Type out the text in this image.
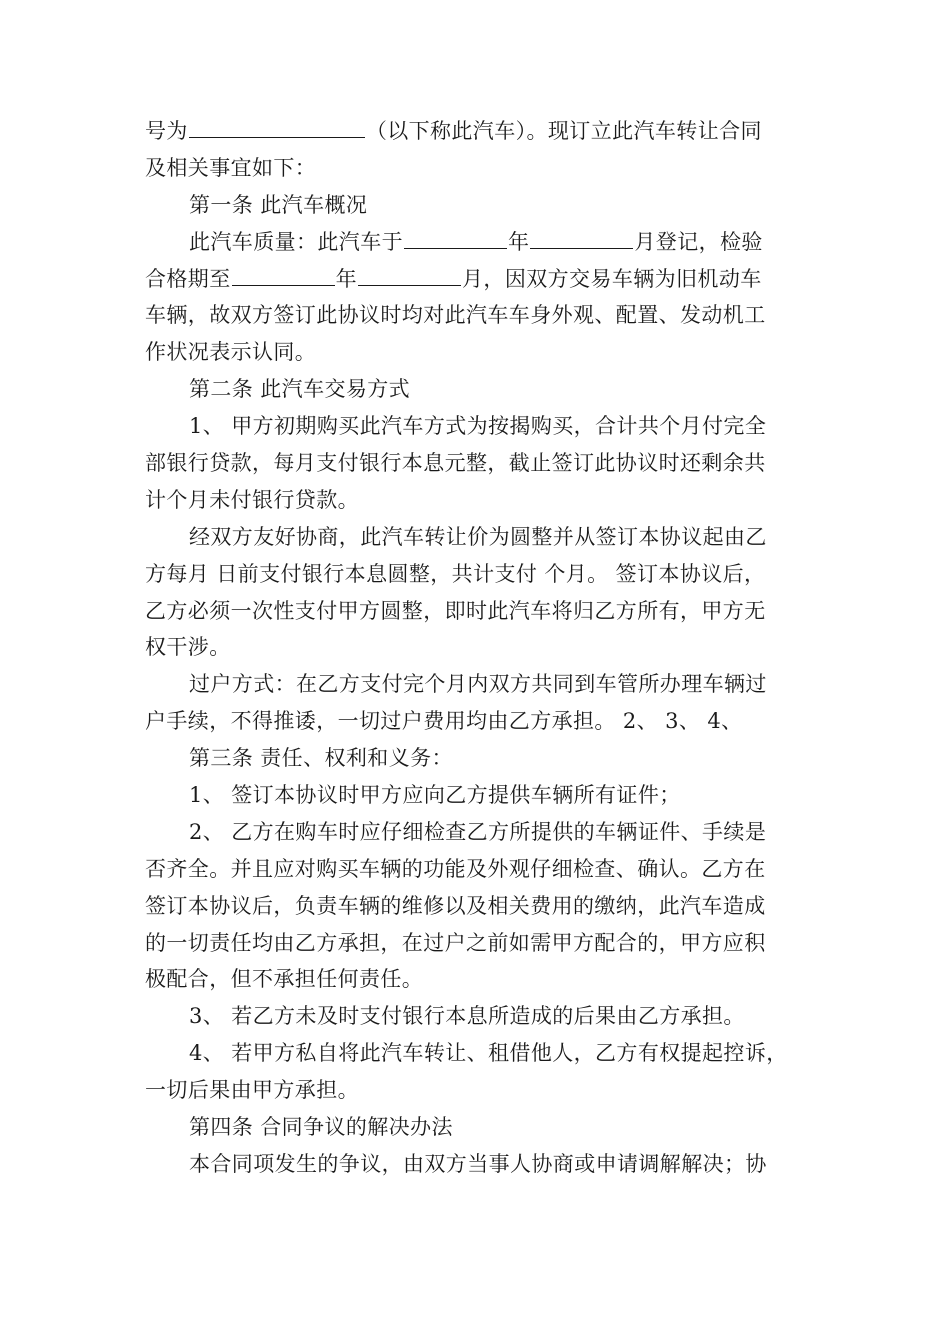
号为	（以下称此汽车）。现订立此汽车转让合同
及相关事宜如下：
第一条 此汽车概况
此汽车质量：此汽车于	年	月登记，检验
合格期至	年	月，因双方交易车辆为旧机动车
车辆，故双方签订此协议时均对此汽车车身外观、配置、发动机工
作状况表示认同。
第二条 此汽车交易方式
1、 甲方初期购买此汽车方式为按揭购买，合计共个月付完全
部银行贷款，每月支付银行本息元整，截止签订此协议时还剩余共
计个月未付银行贷款。
经双方友好协商，此汽车转让价为圆整并从签订本协议起由乙
方每月 日前支付银行本息圆整，共计支付 个月。 签订本协议后，
乙方必须一次性支付甲方圆整，即时此汽车将归乙方所有，甲方无
权干涉。
过户方式：在乙方支付完个月内双方共同到车管所办理车辆过
户手续，不得推诿，一切过户费用均由乙方承担。 2、 3、 4、
第三条 责任、权利和义务：
1、 签订本协议时甲方应向乙方提供车辆所有证件；
2、 乙方在购车时应仔细检查乙方所提供的车辆证件、手续是
否齐全。并且应对购买车辆的功能及外观仔细检查、确认。乙方在
签订本协议后，负责车辆的维修以及相关费用的缴纳，此汽车造成
的一切责任均由乙方承担，在过户之前如需甲方配合的，甲方应积
极配合，但不承担任何责任。
3、 若乙方未及时支付银行本息所造成的后果由乙方承担。
4、 若甲方私自将此汽车转让、租借他人，乙方有权提起控诉，
一切后果由甲方承担。
第四条 合同争议的解决办法
本合同项发生的争议，由双方当事人协商或申请调解解决；协
